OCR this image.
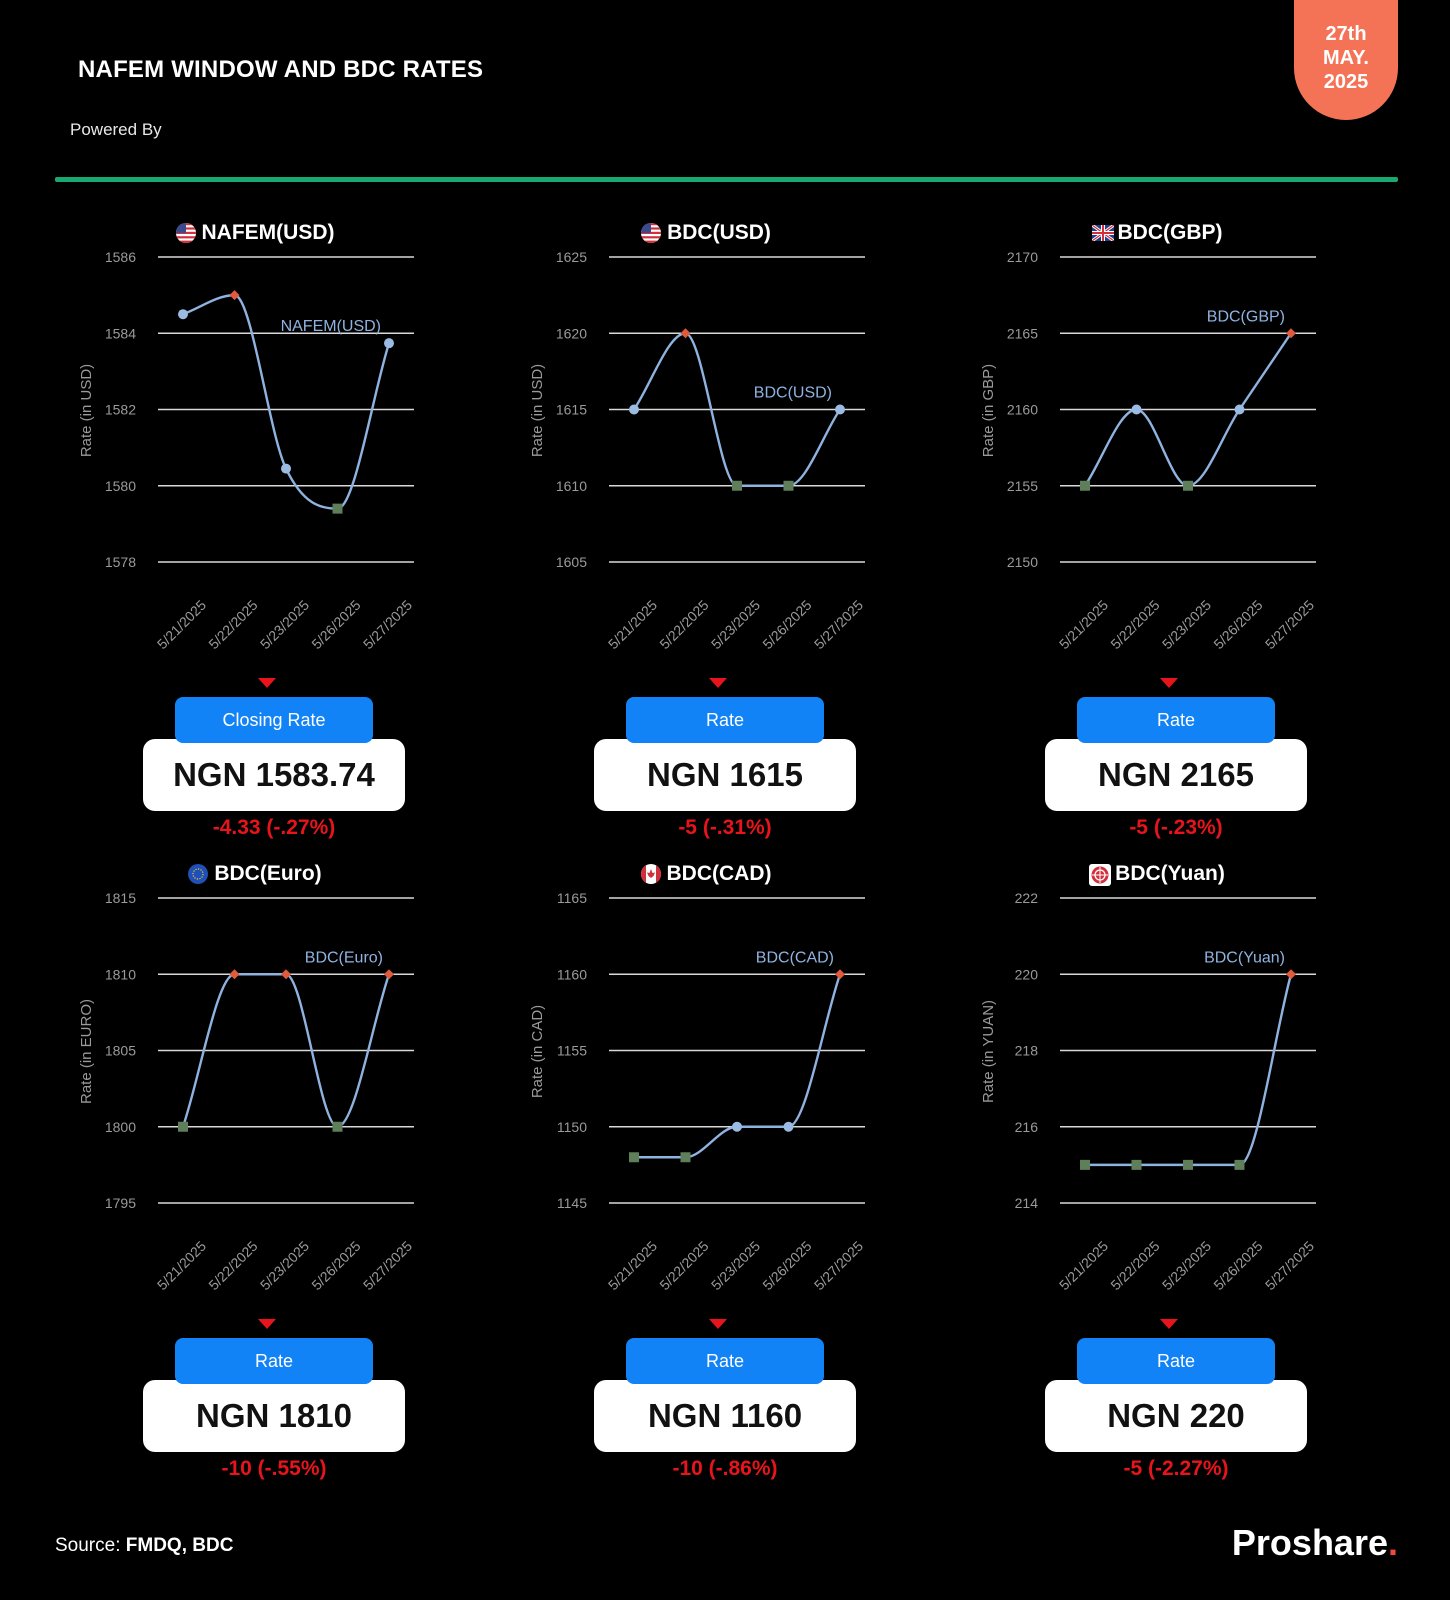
NAFEM WINDOW AND BDC RATES
Powered By
27th
MAY.
2025
NAFEM(USD)
1578
1580
1582
1584
1586
Rate (in USD)
5/21/2025
5/22/2025
5/23/2025
5/26/2025
5/27/2025
NAFEM(USD)
Closing Rate
NGN 1583.74
-4.33 (-.27%)
BDC(USD)
1605
1610
1615
1620
1625
Rate (in USD)
5/21/2025
5/22/2025
5/23/2025
5/26/2025
5/27/2025
BDC(USD)
Rate
NGN 1615
-5 (-.31%)
BDC(GBP)
2150
2155
2160
2165
2170
Rate (in GBP)
5/21/2025
5/22/2025
5/23/2025
5/26/2025
5/27/2025
BDC(GBP)
Rate
NGN 2165
-5 (-.23%)
BDC(Euro)
1795
1800
1805
1810
1815
Rate (in EURO)
5/21/2025
5/22/2025
5/23/2025
5/26/2025
5/27/2025
BDC(Euro)
Rate
NGN 1810
-10 (-.55%)
BDC(CAD)
1145
1150
1155
1160
1165
Rate (in CAD)
5/21/2025
5/22/2025
5/23/2025
5/26/2025
5/27/2025
BDC(CAD)
Rate
NGN 1160
-10 (-.86%)
BDC(Yuan)
214
216
218
220
222
Rate (in YUAN)
5/21/2025
5/22/2025
5/23/2025
5/26/2025
5/27/2025
BDC(Yuan)
Rate
NGN 220
-5 (-2.27%)
Source: FMDQ, BDC	Proshare.
